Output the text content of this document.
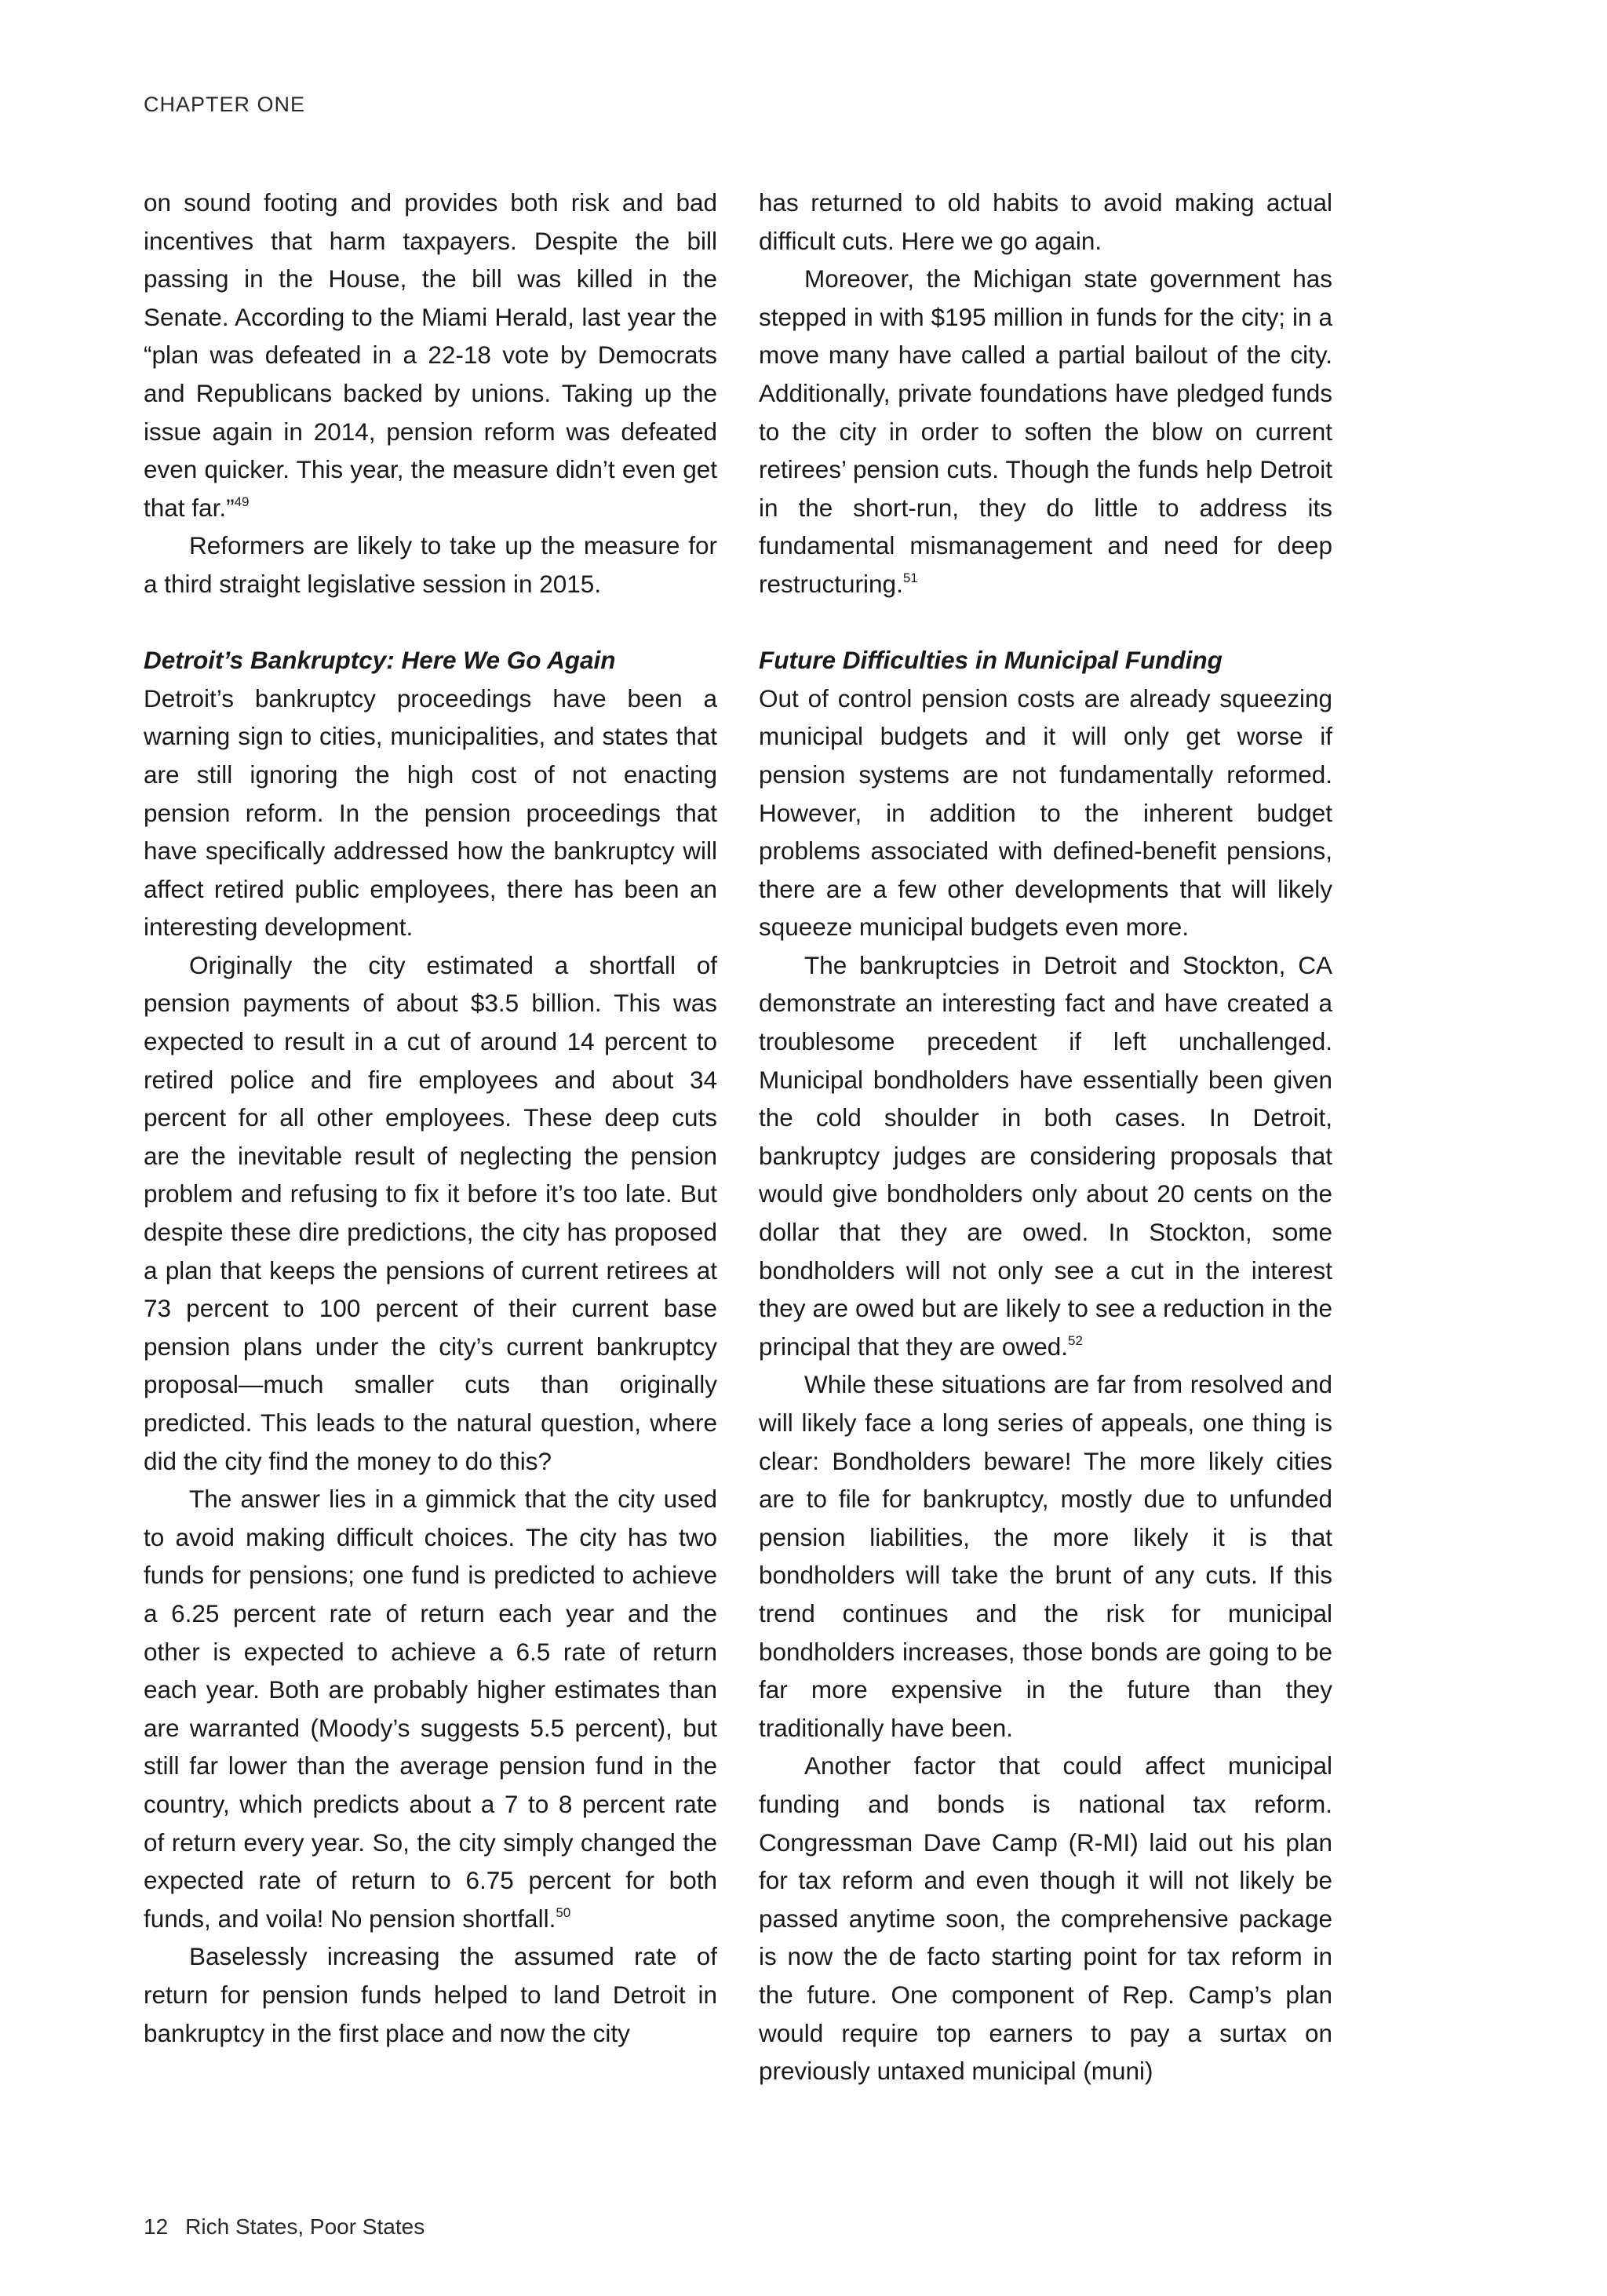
CHAPTER ONE

on sound footing and provides both risk and bad incentives that harm taxpayers. Despite the bill passing in the House, the bill was killed in the Senate. According to the Miami Herald, last year the “plan was defeated in a 22-18 vote by Democrats and Republicans backed by unions. Taking up the issue again in 2014, pension reform was defeated even quicker. This year, the measure didn’t even get that far.”$^{49}$

Reformers are likely to take up the measure for a third straight legislative session in 2015.

Detroit’s Bankruptcy: Here We Go Again

Detroit’s bankruptcy proceedings have been a warning sign to cities, municipalities, and states that are still ignoring the high cost of not enacting pension reform. In the pension proceedings that have specifically addressed how the bankruptcy will affect retired public employees, there has been an interesting development.

Originally the city estimated a shortfall of pension payments of about $3.5 billion. This was expected to result in a cut of around 14 percent to retired police and fire employees and about 34 percent for all other employees. These deep cuts are the inevitable result of neglecting the pension problem and refusing to fix it before it’s too late. But despite these dire predictions, the city has proposed a plan that keeps the pensions of current retirees at 73 percent to 100 percent of their current base pension plans under the city’s current bankruptcy proposal—much smaller cuts than originally predicted. This leads to the natural question, where did the city find the money to do this?

The answer lies in a gimmick that the city used to avoid making difficult choices. The city has two funds for pensions; one fund is predicted to achieve a 6.25 percent rate of return each year and the other is expected to achieve a 6.5 rate of return each year. Both are probably higher estimates than are warranted (Moody’s suggests 5.5 percent), but still far lower than the average pension fund in the country, which predicts about a 7 to 8 percent rate of return every year. So, the city simply changed the expected rate of return to 6.75 percent for both funds, and voila! No pension shortfall.$^{50}$

Baselessly increasing the assumed rate of return for pension funds helped to land Detroit in bankruptcy in the first place and now the city

has returned to old habits to avoid making actual difficult cuts. Here we go again.

Moreover, the Michigan state government has stepped in with $195 million in funds for the city; in a move many have called a partial bailout of the city. Additionally, private foundations have pledged funds to the city in order to soften the blow on current retirees’ pension cuts. Though the funds help Detroit in the short-run, they do little to address its fundamental mismanagement and need for deep restructuring.$^{51}$

Future Difficulties in Municipal Funding

Out of control pension costs are already squeezing municipal budgets and it will only get worse if pension systems are not fundamentally reformed. However, in addition to the inherent budget problems associated with defined-benefit pensions, there are a few other developments that will likely squeeze municipal budgets even more.

The bankruptcies in Detroit and Stockton, CA demonstrate an interesting fact and have created a troublesome precedent if left unchallenged. Municipal bondholders have essentially been given the cold shoulder in both cases. In Detroit, bankruptcy judges are considering proposals that would give bondholders only about 20 cents on the dollar that they are owed. In Stockton, some bondholders will not only see a cut in the interest they are owed but are likely to see a reduction in the principal that they are owed.$^{52}$

While these situations are far from resolved and will likely face a long series of appeals, one thing is clear: Bondholders beware! The more likely cities are to file for bankruptcy, mostly due to unfunded pension liabilities, the more likely it is that bondholders will take the brunt of any cuts. If this trend continues and the risk for municipal bondholders increases, those bonds are going to be far more expensive in the future than they traditionally have been.

Another factor that could affect municipal funding and bonds is national tax reform. Congressman Dave Camp (R-MI) laid out his plan for tax reform and even though it will not likely be passed anytime soon, the comprehensive package is now the de facto starting point for tax reform in the future. One component of Rep. Camp’s plan would require top earners to pay a surtax on previously untaxed municipal (muni)

12 Rich States, Poor States
